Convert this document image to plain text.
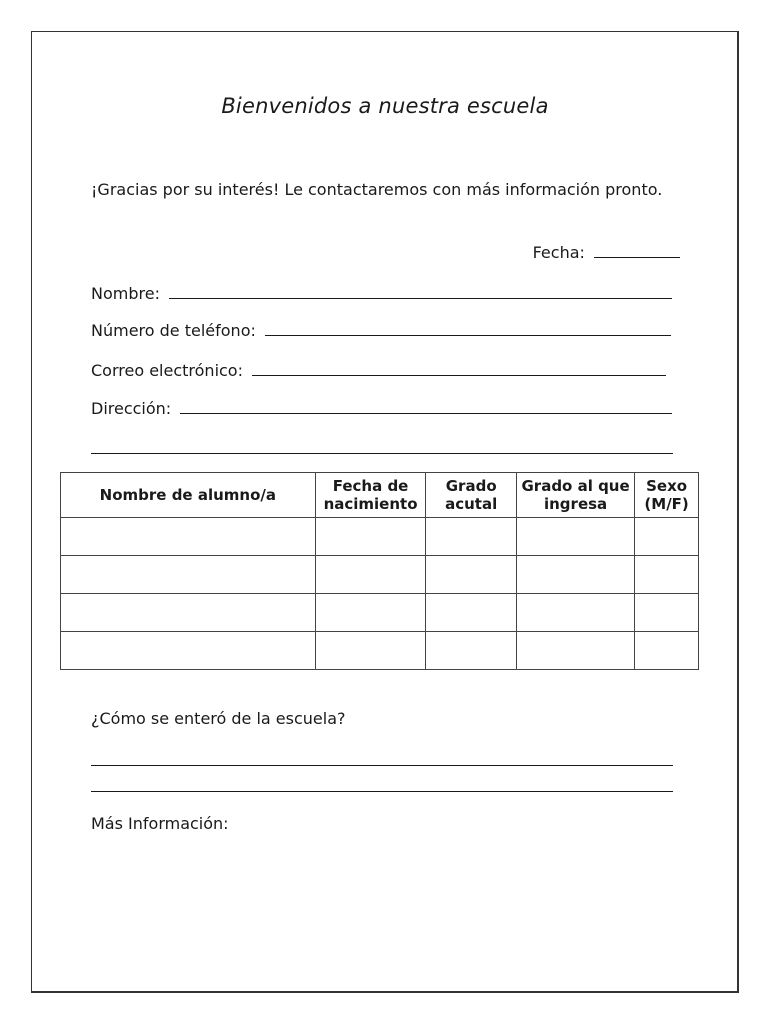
Bienvenidos a nuestra escuela
¡Gracias por su interés! Le contactaremos con más información pronto.
Fecha:
Nombre:
Número de teléfono:
Correo electrónico:
Dirección:
Nombre de alumno/a	Fecha de nacimiento	Grado acutal	Grado al que ingresa	Sexo (M/F)

¿Cómo se enteró de la escuela?
Más Información:
